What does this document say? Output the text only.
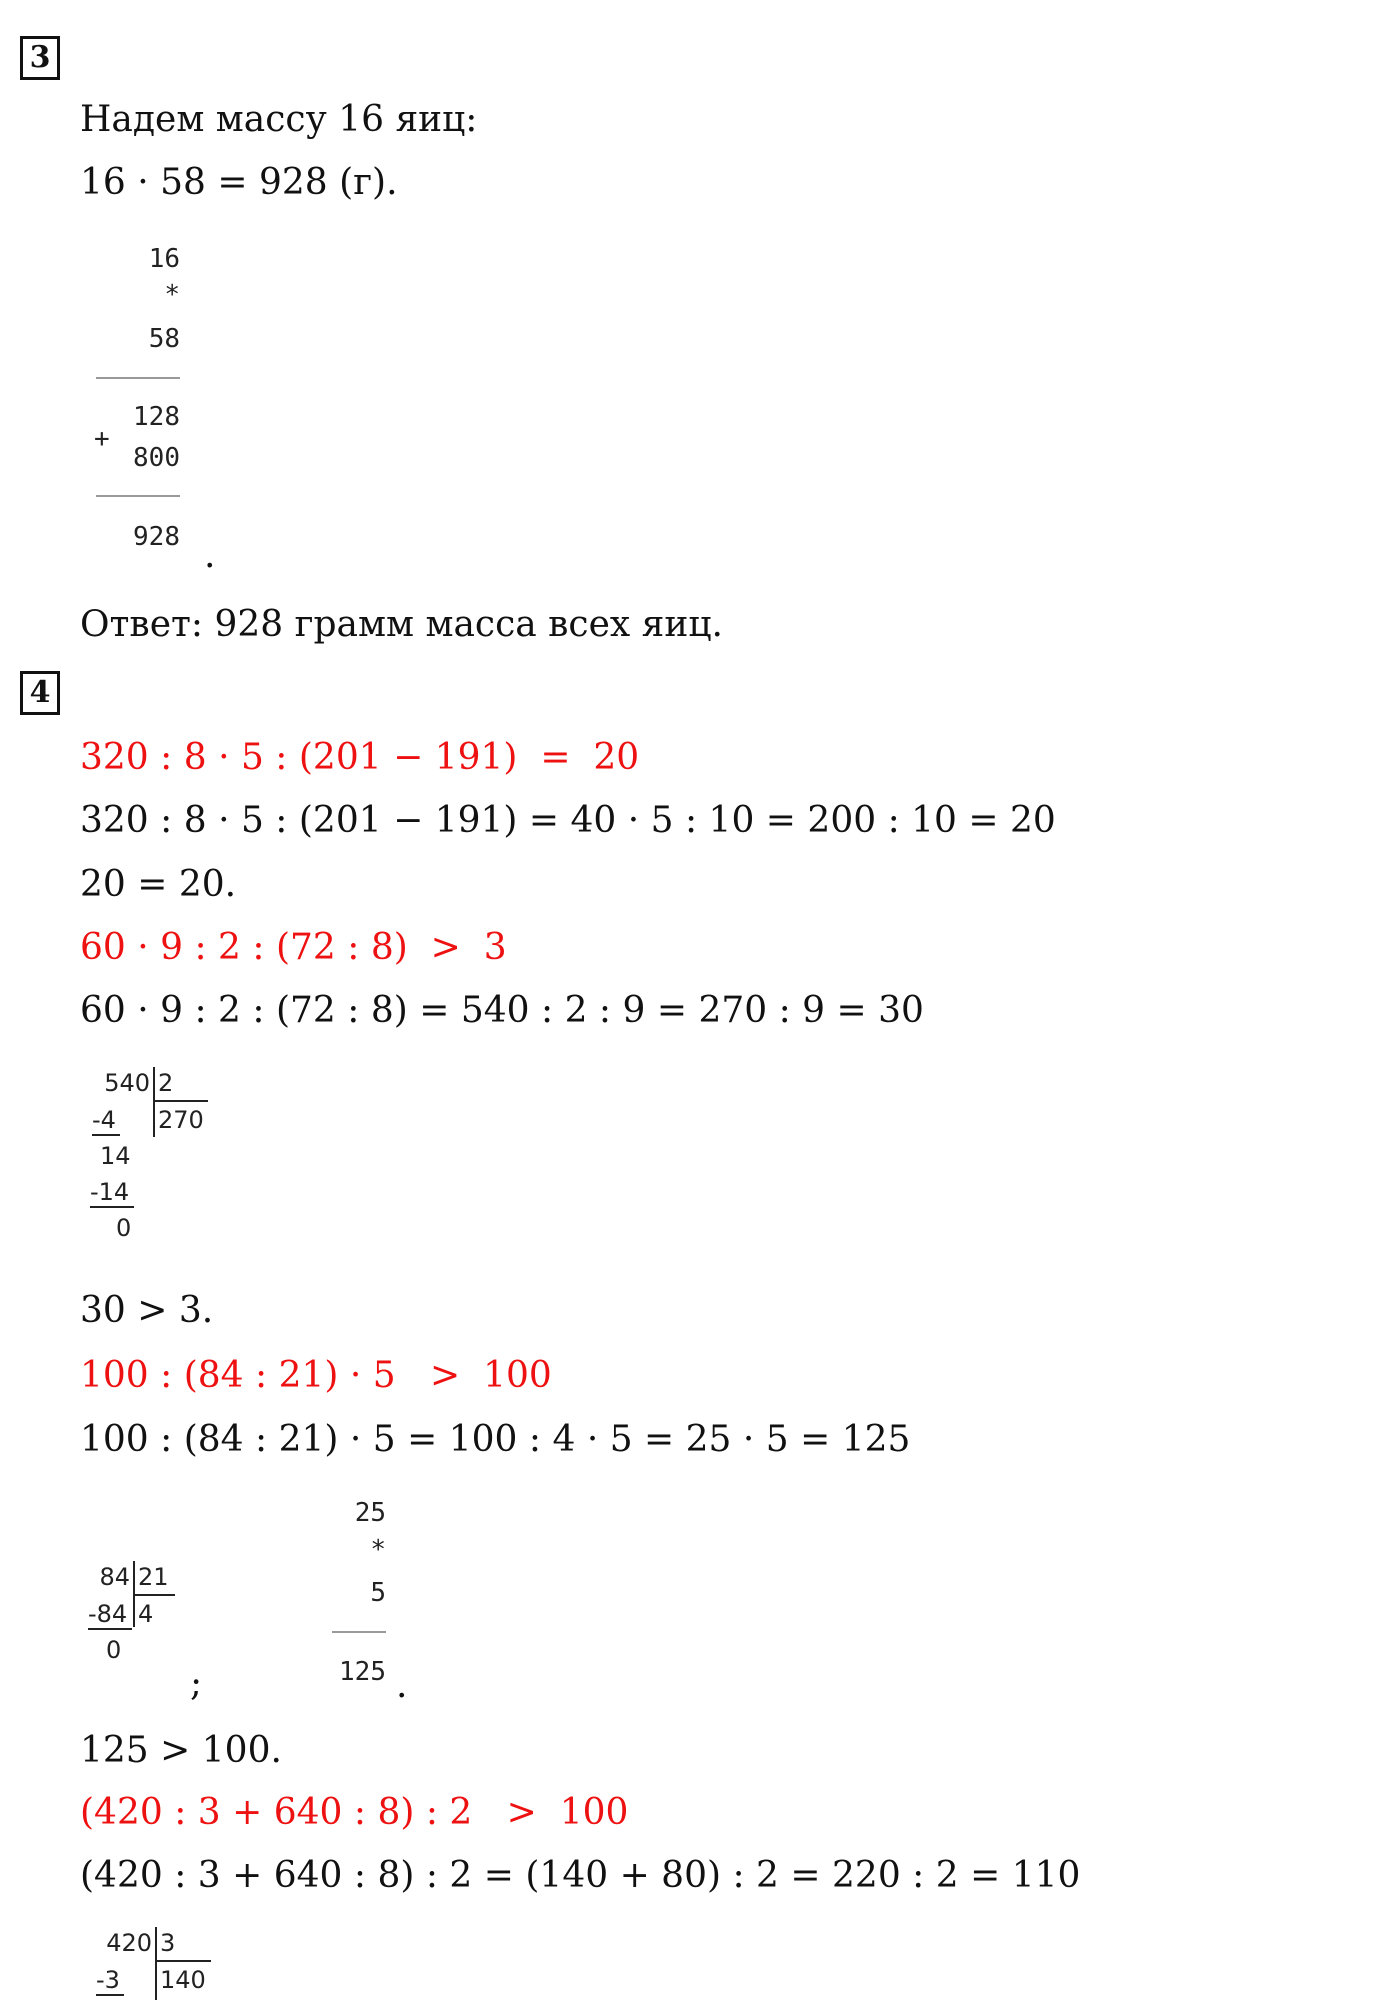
3
Надем массу 16 яиц:
16 · 58 = 928 (г).
16
*
58
128
+
800
928 .
Ответ: 928 грамм масса всех яиц.
4
320 : 8 · 5 : (201 − 191)  =  20
320 : 8 · 5 : (201 − 191) = 40 · 5 : 10 = 200 : 10 = 20
20 = 20.
60 · 9 : 2 : (72 : 8)  >  3
60 · 9 : 2 : (72 : 8) = 540 : 2 : 9 = 270 : 9 = 30
540 2
-4 270
14
-14
0
30 > 3.
100 : (84 : 21) · 5   >  100
100 : (84 : 21) · 5 = 100 : 4 · 5 = 25 · 5 = 125
84 21
-84 4
0
;
25
*
5
125 .
125 > 100.
(420 : 3 + 640 : 8) : 2   >  100
(420 : 3 + 640 : 8) : 2 = (140 + 80) : 2 = 220 : 2 = 110
420 3
-3 140
